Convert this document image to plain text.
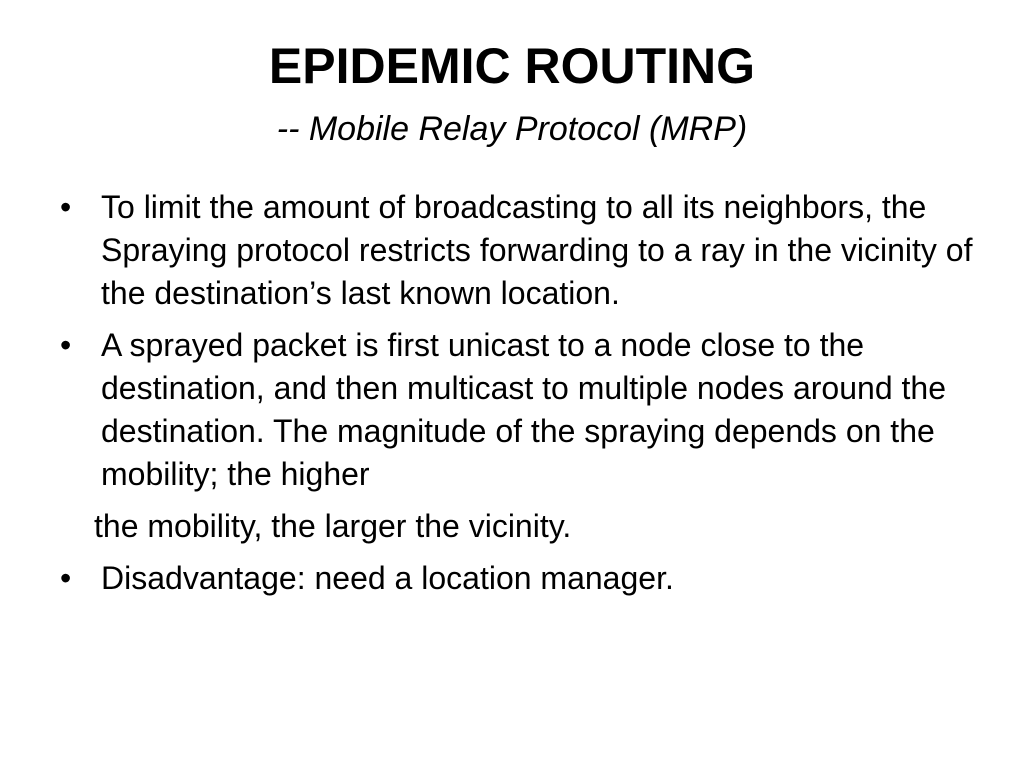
EPIDEMIC ROUTING

-- Mobile Relay Protocol (MRP)

• To limit the amount of broadcasting to all its neighbors, the Spraying protocol restricts forwarding to a ray in the vicinity of the destination’s last known location.
• A sprayed packet is first unicast to a node close to the destination, and then multicast to multiple nodes around the destination. The magnitude of the spraying depends on the mobility; the higher
the mobility, the larger the vicinity.
• Disadvantage: need a location manager.
